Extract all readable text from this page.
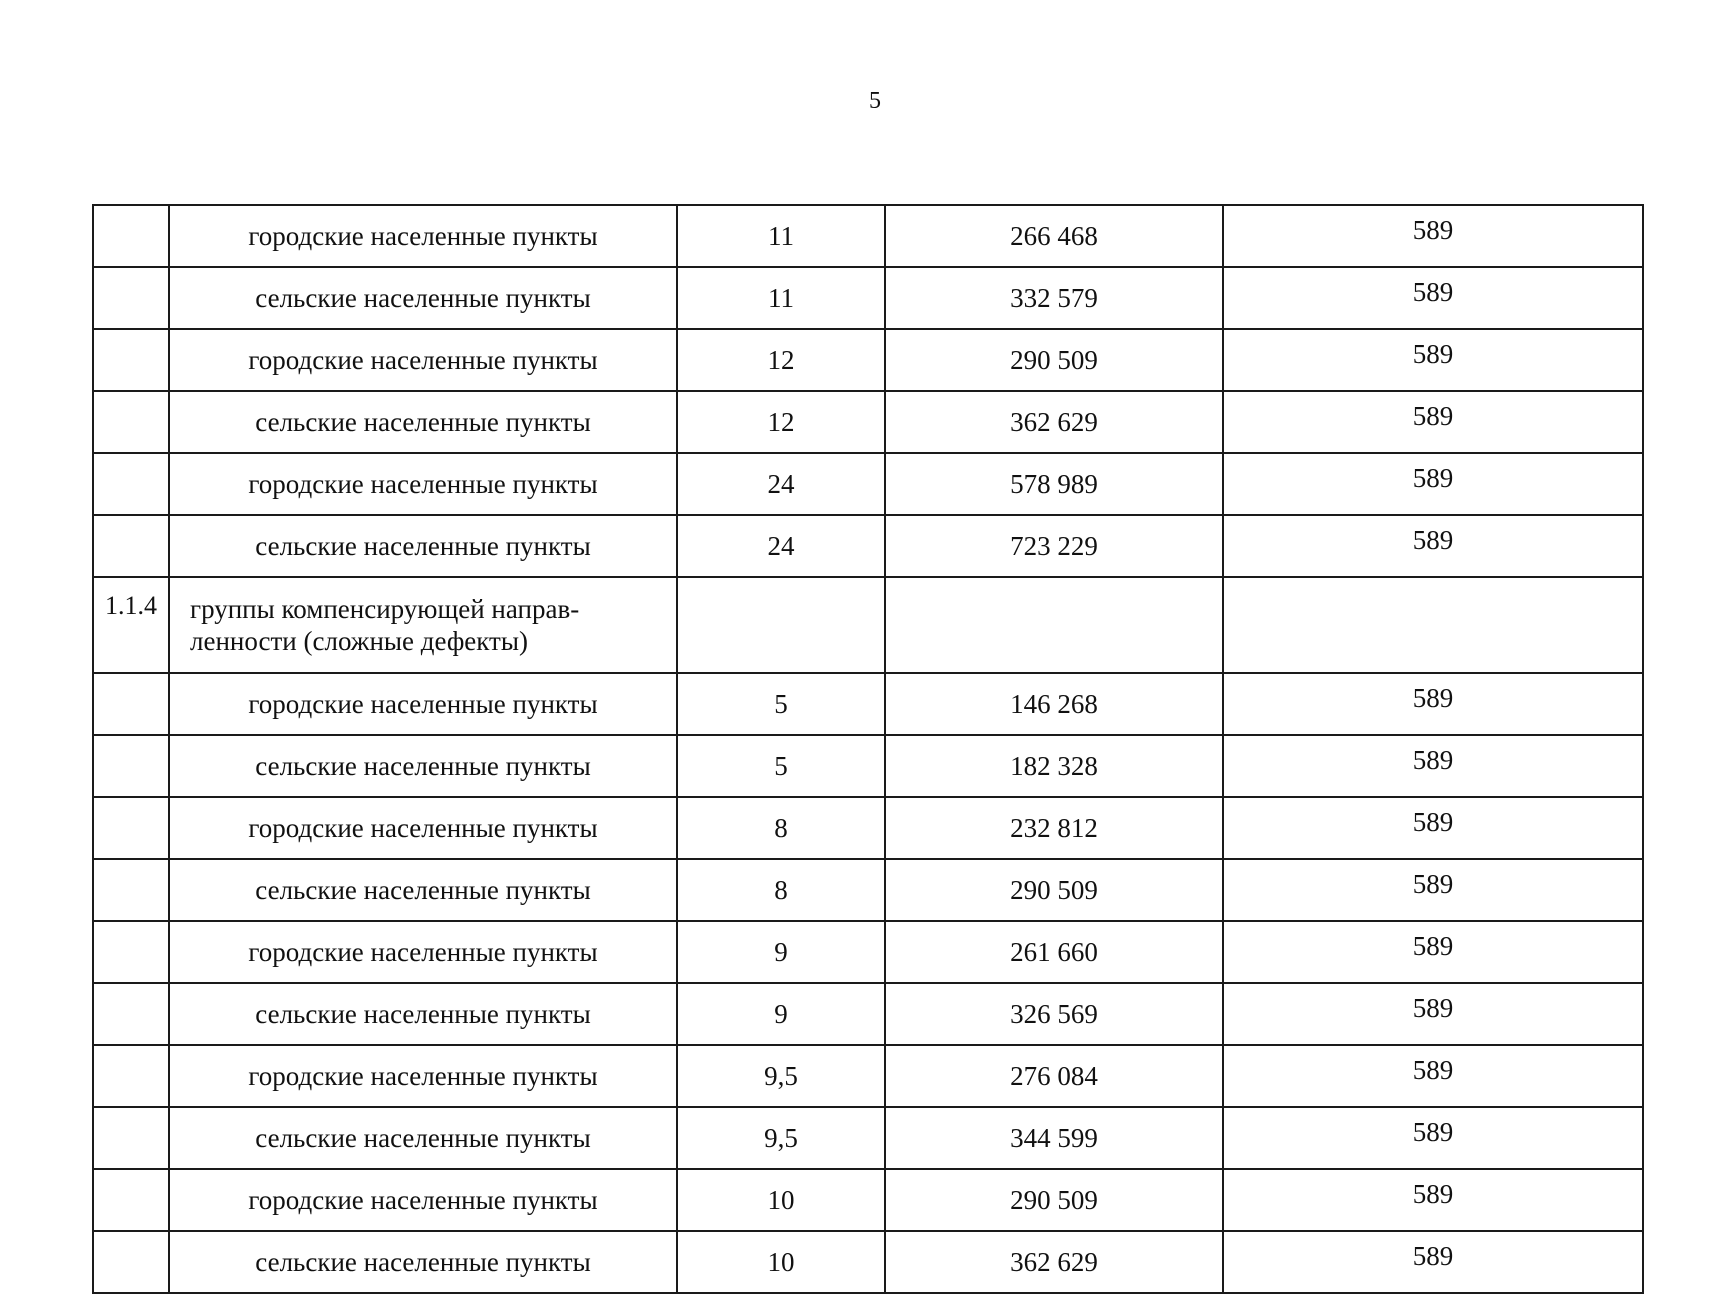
5
	городские населенные пункты	11	266 468	589
	сельские населенные пункты	11	332 579	589
	городские населенные пункты	12	290 509	589
	сельские населенные пункты	12	362 629	589
	городские населенные пункты	24	578 989	589
	сельские населенные пункты	24	723 229	589
1.1.4	группы компенсирующей направ-
ленности (сложные дефекты)			

	городские населенные пункты	5	146 268	589
	сельские населенные пункты	5	182 328	589
	городские населенные пункты	8	232 812	589
	сельские населенные пункты	8	290 509	589
	городские населенные пункты	9	261 660	589
	сельские населенные пункты	9	326 569	589
	городские населенные пункты	9,5	276 084	589
	сельские населенные пункты	9,5	344 599	589
	городские населенные пункты	10	290 509	589
	сельские населенные пункты	10	362 629	589
